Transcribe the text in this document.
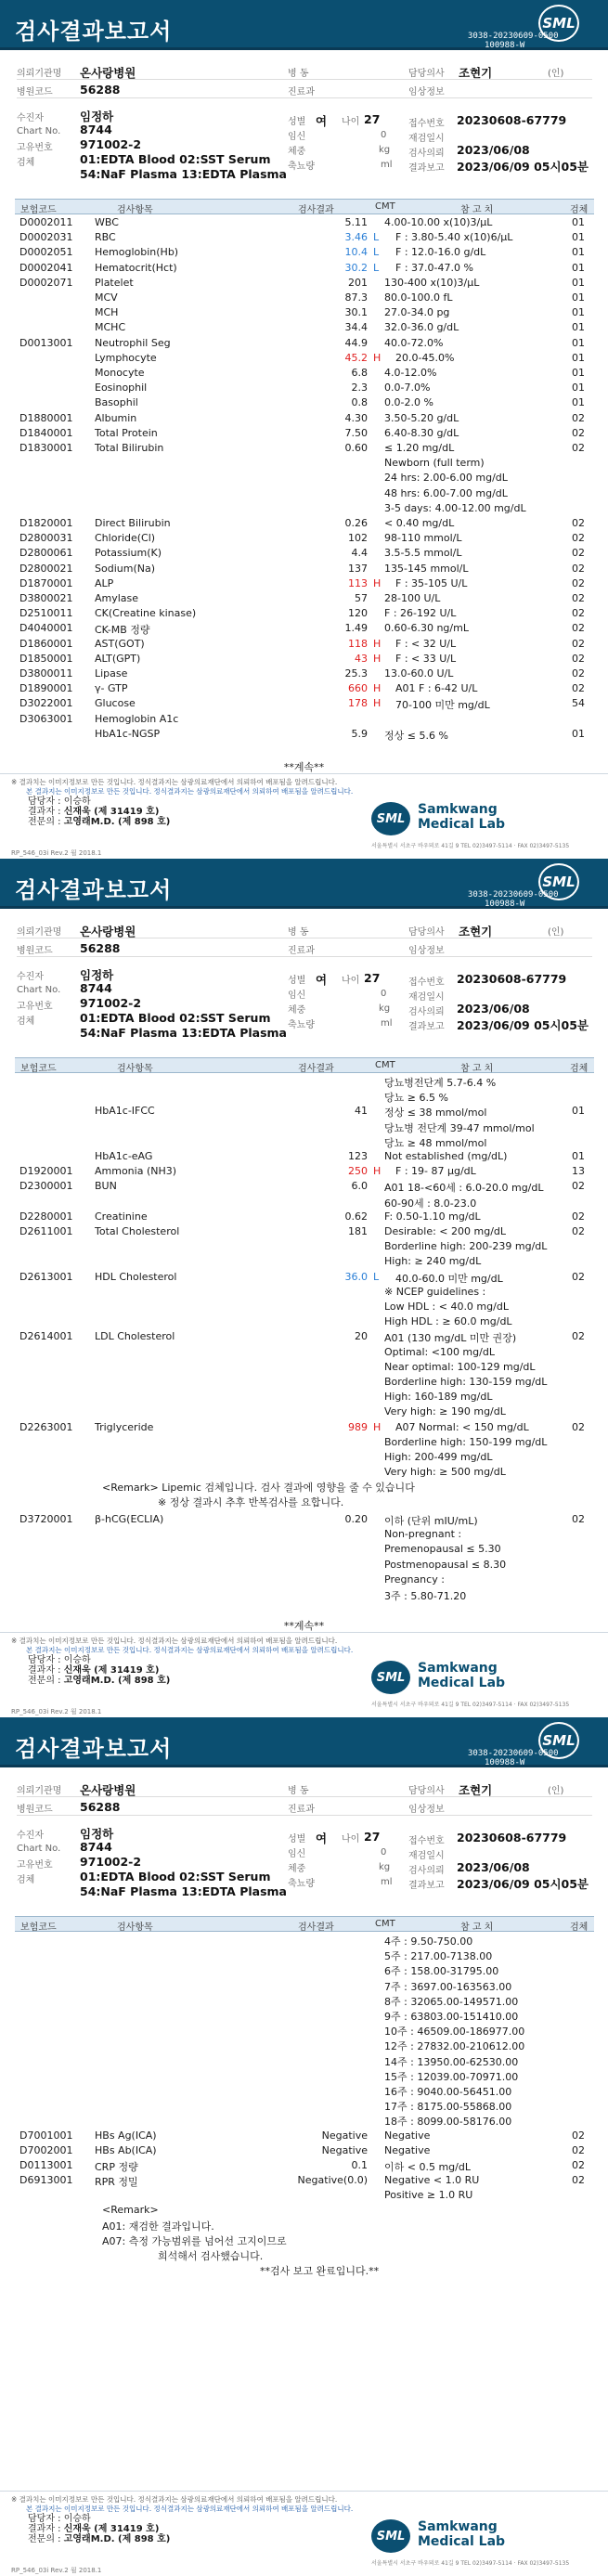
검사결과보고서	SML
3038-20230609-0500
100988-W
의뢰기관명 온사랑병원	병 동	담당의사 조현기	(인)
병원코드 56288	진료과	임상정보
수진자	임정하	성별 여 나이 27	접수번호 20230608-67779
Chart No. 8744
임신	0 재검일시
고유번호 971002-2
체중	kg 검사의뢰 2023/06/08
검체	01:EDTA Blood 02:SST Serum
54:NaF Plasma 13:EDTA Plasma
축뇨량	ml 결과보고 2023/06/09 05시05분
보험코드	검사항목	검사결과	CMT	참 고 치	검체
D0002011 WBC	5.11 4.00-10.00 x(10)3/μL	01
D0002031 RBC	3.46 L	F : 3.80-5.40 x(10)6/μL	01
D0002051 Hemoglobin(Hb)	10.4 L	F : 12.0-16.0 g/dL	01
D0002041 Hematocrit(Hct)	30.2 L	F : 37.0-47.0 %	01
D0002071 Platelet	201 130-400 x(10)3/μL	01
MCV	87.3 80.0-100.0 fL	01
MCH	30.1 27.0-34.0 pg	01
MCHC	34.4 32.0-36.0 g/dL	01
D0013001 Neutrophil Seg	44.9 40.0-72.0%	01
Lymphocyte	45.2 H	20.0-45.0%	01
Monocyte	6.8 4.0-12.0%	01
Eosinophil	2.3 0.0-7.0%	01
Basophil	0.8 0.0-2.0 %	01
D1880001 Albumin	4.30 3.50-5.20 g/dL	02
D1840001 Total Protein	7.50 6.40-8.30 g/dL	02
D1830001 Total Bilirubin	0.60 ≤ 1.20 mg/dL	02
Newborn (full term)
24 hrs: 2.00-6.00 mg/dL
48 hrs: 6.00-7.00 mg/dL
3-5 days: 4.00-12.00 mg/dL
D1820001 Direct Bilirubin	0.26 < 0.40 mg/dL	02
D2800031 Chloride(Cl)	102 98-110 mmol/L	02
D2800061 Potassium(K)	4.4 3.5-5.5 mmol/L	02
D2800021 Sodium(Na)	137 135-145 mmol/L	02
D1870001 ALP	113 H	F : 35-105 U/L	02
D3800021 Amylase	57 28-100 U/L	02
D2510011 CK(Creatine kinase)	120 F : 26-192 U/L	02
D4040001 CK-MB 정량	1.49 0.60-6.30 ng/mL	02
D1860001 AST(GOT)	118 H	F : < 32 U/L	02
D1850001 ALT(GPT)	43 H	F : < 33 U/L	02
D3800011 Lipase	25.3 13.0-60.0 U/L	02
D1890001 γ- GTP	660 H	A01 F : 6-42 U/L	02
D3022001 Glucose	178 H	70-100 미만 mg/dL	54
D3063001 Hemoglobin A1c
HbA1c-NGSP	5.9 정상 ≤ 5.6 %	01
**계속**
※ 결과치는 이미지정보로 만든 것입니다. 정식결과지는 삼광의료재단에서 의뢰하여 배포됨을 알려드립니다.
본 결과지는 이미지정보로 만든 것입니다. 정식결과지는 삼광의료재단에서 의뢰하여 배포됨을 알려드립니다.
담당자 : 이승하
결과자 : 신재욱 (제 31419 호)
전문의 : 고영래M.D. (제 898 호)	SML
Samkwang
Medical Lab
서울특별시 서초구 바우뫼로 41길 9 TEL 02)3497-5114 · FAX 02)3497-5135
RP_546_03i Rev.2 월 2018.1
검사결과보고서	SML
3038-20230609-0500
100988-W
의뢰기관명 온사랑병원	병 동	담당의사 조현기	(인)
병원코드 56288	진료과	임상정보
수진자	임정하	성별 여 나이 27	접수번호 20230608-67779
Chart No. 8744
임신	0 재검일시
고유번호 971002-2
체중	kg 검사의뢰 2023/06/08
검체	01:EDTA Blood 02:SST Serum
54:NaF Plasma 13:EDTA Plasma
축뇨량	ml 결과보고 2023/06/09 05시05분
보험코드	검사항목	검사결과	CMT	참 고 치	검체
당뇨병전단계 5.7-6.4 %
당뇨 ≥ 6.5 %
HbA1c-IFCC	41 정상 ≤ 38 mmol/mol	01
당뇨병 전단계 39-47 mmol/mol
당뇨 ≥ 48 mmol/mol
HbA1c-eAG	123 Not established (mg/dL)	01
D1920001 Ammonia (NH3)	250 H	F : 19- 87 μg/dL	13
D2300001 BUN	6.0 A01 18-<60세 : 6.0-20.0 mg/dL	02
60-90세 : 8.0-23.0
D2280001 Creatinine	0.62 F: 0.50-1.10 mg/dL	02
D2611001 Total Cholesterol	181 Desirable: < 200 mg/dL	02
Borderline high: 200-239 mg/dL
High: ≥ 240 mg/dL
D2613001 HDL Cholesterol	36.0 L	40.0-60.0 미만 mg/dL	02
※ NCEP guidelines :
Low HDL : < 40.0 mg/dL
High HDL : ≥ 60.0 mg/dL
D2614001 LDL Cholesterol	20 A01 (130 mg/dL 미만 권장)	02
Optimal: <100 mg/dL
Near optimal: 100-129 mg/dL
Borderline high: 130-159 mg/dL
High: 160-189 mg/dL
Very high: ≥ 190 mg/dL
D2263001 Triglyceride	989 H	A07 Normal: < 150 mg/dL	02
Borderline high: 150-199 mg/dL
High: 200-499 mg/dL
Very high: ≥ 500 mg/dL
<Remark> Lipemic 검체입니다. 검사 결과에 영향을 줄 수 있습니다
※ 정상 결과시 추후 반복검사를 요합니다.
D3720001 β-hCG(ECLIA)	0.20 이하 (단위 mIU/mL)	02
Non-pregnant :
Premenopausal ≤ 5.30
Postmenopausal ≤ 8.30
Pregnancy :
3주 : 5.80-71.20
**계속**
※ 결과치는 이미지정보로 만든 것입니다. 정식결과지는 삼광의료재단에서 의뢰하여 배포됨을 알려드립니다.
본 결과지는 이미지정보로 만든 것입니다. 정식결과지는 삼광의료재단에서 의뢰하여 배포됨을 알려드립니다.
담당자 : 이승하
결과자 : 신재욱 (제 31419 호)
전문의 : 고영래M.D. (제 898 호)	SML
Samkwang
Medical Lab
서울특별시 서초구 바우뫼로 41길 9 TEL 02)3497-5114 · FAX 02)3497-5135
RP_546_03i Rev.2 월 2018.1
검사결과보고서	SML
3038-20230609-0500
100988-W
의뢰기관명 온사랑병원	병 동	담당의사 조현기	(인)
병원코드 56288	진료과	임상정보
수진자	임정하	성별 여 나이 27	접수번호 20230608-67779
Chart No. 8744
임신	0 재검일시
고유번호 971002-2
체중	kg 검사의뢰 2023/06/08
검체	01:EDTA Blood 02:SST Serum
54:NaF Plasma 13:EDTA Plasma
축뇨량	ml 결과보고 2023/06/09 05시05분
보험코드	검사항목	검사결과	CMT	참 고 치	검체
4주 : 9.50-750.00
5주 : 217.00-7138.00
6주 : 158.00-31795.00
7주 : 3697.00-163563.00
8주 : 32065.00-149571.00
9주 : 63803.00-151410.00
10주 : 46509.00-186977.00
12주 : 27832.00-210612.00
14주 : 13950.00-62530.00
15주 : 12039.00-70971.00
16주 : 9040.00-56451.00
17주 : 8175.00-55868.00
18주 : 8099.00-58176.00
D7001001 HBs Ag(ICA)	Negative Negative	02
D7002001 HBs Ab(ICA)	Negative Negative	02
D0113001 CRP 정량	0.1 이하 < 0.5 mg/dL	02
D6913001 RPR 정밀	Negative(0.0) Negative < 1.0 RU	02
Positive ≥ 1.0 RU
<Remark>
A01: 재검한 결과입니다.
A07: 측정 가능범위를 넘어선 고지이므로
희석해서 검사했습니다.
**검사 보고 완료입니다.**
※ 결과치는 이미지정보로 만든 것입니다. 정식결과지는 삼광의료재단에서 의뢰하여 배포됨을 알려드립니다.
본 결과지는 이미지정보로 만든 것입니다. 정식결과지는 삼광의료재단에서 의뢰하여 배포됨을 알려드립니다.
담당자 : 이승하
결과자 : 신재욱 (제 31419 호)
전문의 : 고영래M.D. (제 898 호)	SML
Samkwang
Medical Lab
서울특별시 서초구 바우뫼로 41길 9 TEL 02)3497-5114 · FAX 02)3497-5135
RP_546_03i Rev.2 월 2018.1
